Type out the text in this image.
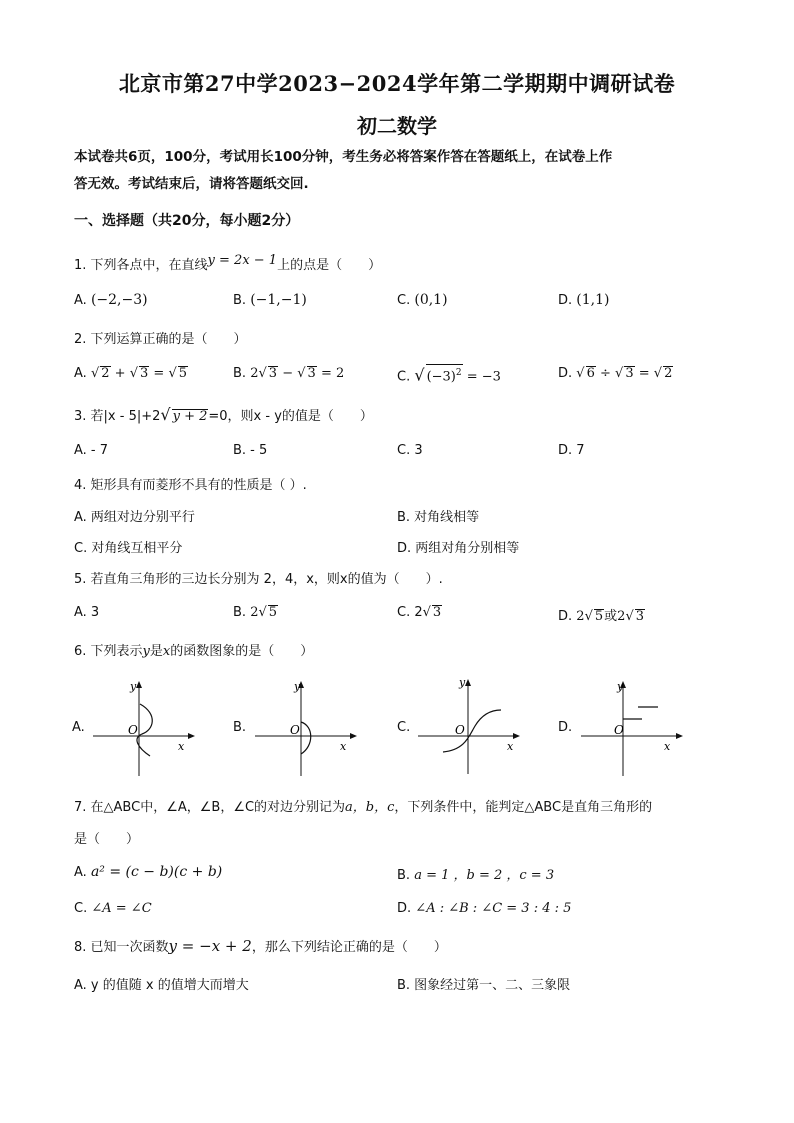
北京市第27中学2023−2024学年第二学期期中调研试卷
初二数学
本试卷共6页，100分，考试用长100分钟，考生务必将答案作答在答题纸上，在试卷上作
答无效。考试结束后，请将答题纸交回.
一、选择题（共20分，每小题2分）
1. 下列各点中，在直线y = 2x − 1上的点是（　　）
A. (−2,−3)	B. (−1,−1)	C. (0,1)	D. (1,1)
2. 下列运算正确的是（　　）
A. √ 2 + √ 3 = √ 5	B. 2√ 3 − √ 3 = 2	C. √ $(-3)^2 = -3$	D. √ 6 ÷ √ 3 = √ 2
3. 若|x - 5|+2√ y + 2=0，则x - y的值是（　　）
A. - 7	B. - 5	C. 3	D. 7
4. 矩形具有而菱形不具有的性质是（ ）.
A. 两组对边分别平行	B. 对角线相等
C. 对角线互相平分	D. 两组对角分别相等
5. 若直角三角形的三边长分别为 2，4，x，则x的值为（　　）.
A. 3	B. 2√ 5	C. 2√ 3	D. 2√ 5或2√ 3
6. 下列表示y是x的函数图象的是（　　）
A.	B.	C.	D.
y
x
O
y
x
O
y
x
O
y
x
O
7. 在△ABC中，∠A，∠B，∠C的对边分别记为a，b，c，下列条件中，能判定△ABC是直角三角形的
是（　　）
A. a² = (c − b)(c + b)	B. a = 1 ，b = 2 ，c = 3
C. ∠A = ∠C	D. ∠A : ∠B : ∠C = 3 : 4 : 5
8. 已知一次函数y = −x + 2，那么下列结论正确的是（　　）
A. y 的值随 x 的值增大而增大	B. 图象经过第一、二、三象限
